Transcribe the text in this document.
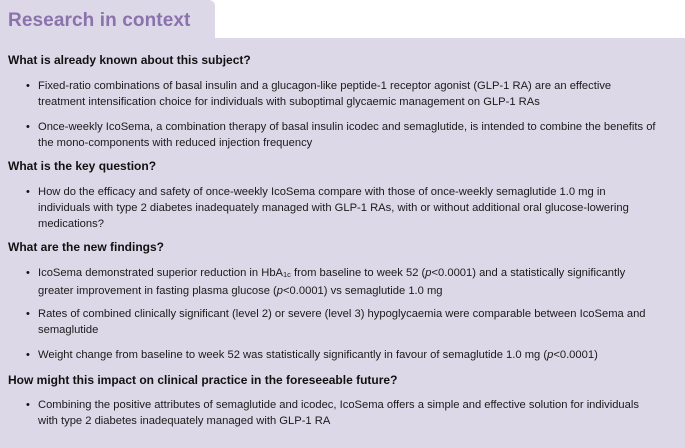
Research in context
What is already known about this subject?
• Fixed-ratio combinations of basal insulin and a glucagon-like peptide-1 receptor agonist (GLP-1 RA) are an effective treatment intensification choice for individuals with suboptimal glycaemic management on GLP-1 RAs
• Once-weekly IcoSema, a combination therapy of basal insulin icodec and semaglutide, is intended to combine the benefits of the mono-components with reduced injection frequency
What is the key question?
• How do the efficacy and safety of once-weekly IcoSema compare with those of once-weekly semaglutide 1.0 mg in individuals with type 2 diabetes inadequately managed with GLP-1 RAs, with or without additional oral glucose-lowering medications?
What are the new findings?
• IcoSema demonstrated superior reduction in HbA1c from baseline to week 52 (p<0.0001) and a statistically significantly greater improvement in fasting plasma glucose (p<0.0001) vs semaglutide 1.0 mg
• Rates of combined clinically significant (level 2) or severe (level 3) hypoglycaemia were comparable between IcoSema and semaglutide
• Weight change from baseline to week 52 was statistically significantly in favour of semaglutide 1.0 mg (p<0.0001)
How might this impact on clinical practice in the foreseeable future?
• Combining the positive attributes of semaglutide and icodec, IcoSema offers a simple and effective solution for individuals with type 2 diabetes inadequately managed with GLP-1 RA
